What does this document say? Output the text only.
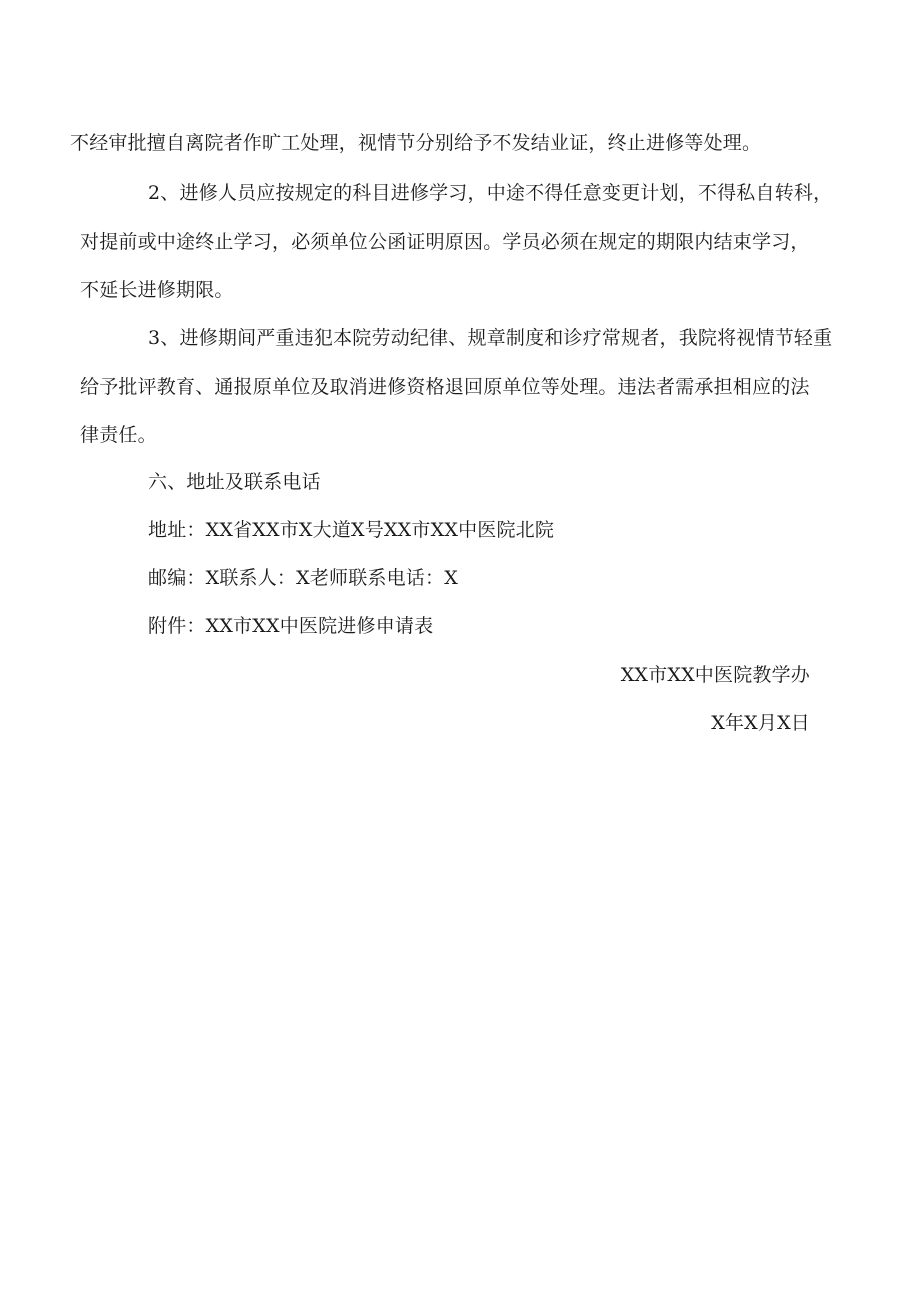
不经审批擅自离院者作旷工处理，视情节分别给予不发结业证，终止进修等处理。
2、进修人员应按规定的科目进修学习，中途不得任意变更计划，不得私自转科，
对提前或中途终止学习，必须单位公函证明原因。学员必须在规定的期限内结束学习，
不延长进修期限。
3、进修期间严重违犯本院劳动纪律、规章制度和诊疗常规者，我院将视情节轻重
给予批评教育、通报原单位及取消进修资格退回原单位等处理。违法者需承担相应的法
律责任。
六、地址及联系电话
地址：XX省XX市X大道X号XX市XX中医院北院
邮编：X联系人：X老师联系电话：X
附件：XX市XX中医院进修申请表
XX市XX中医院教学办
X年X月X日
